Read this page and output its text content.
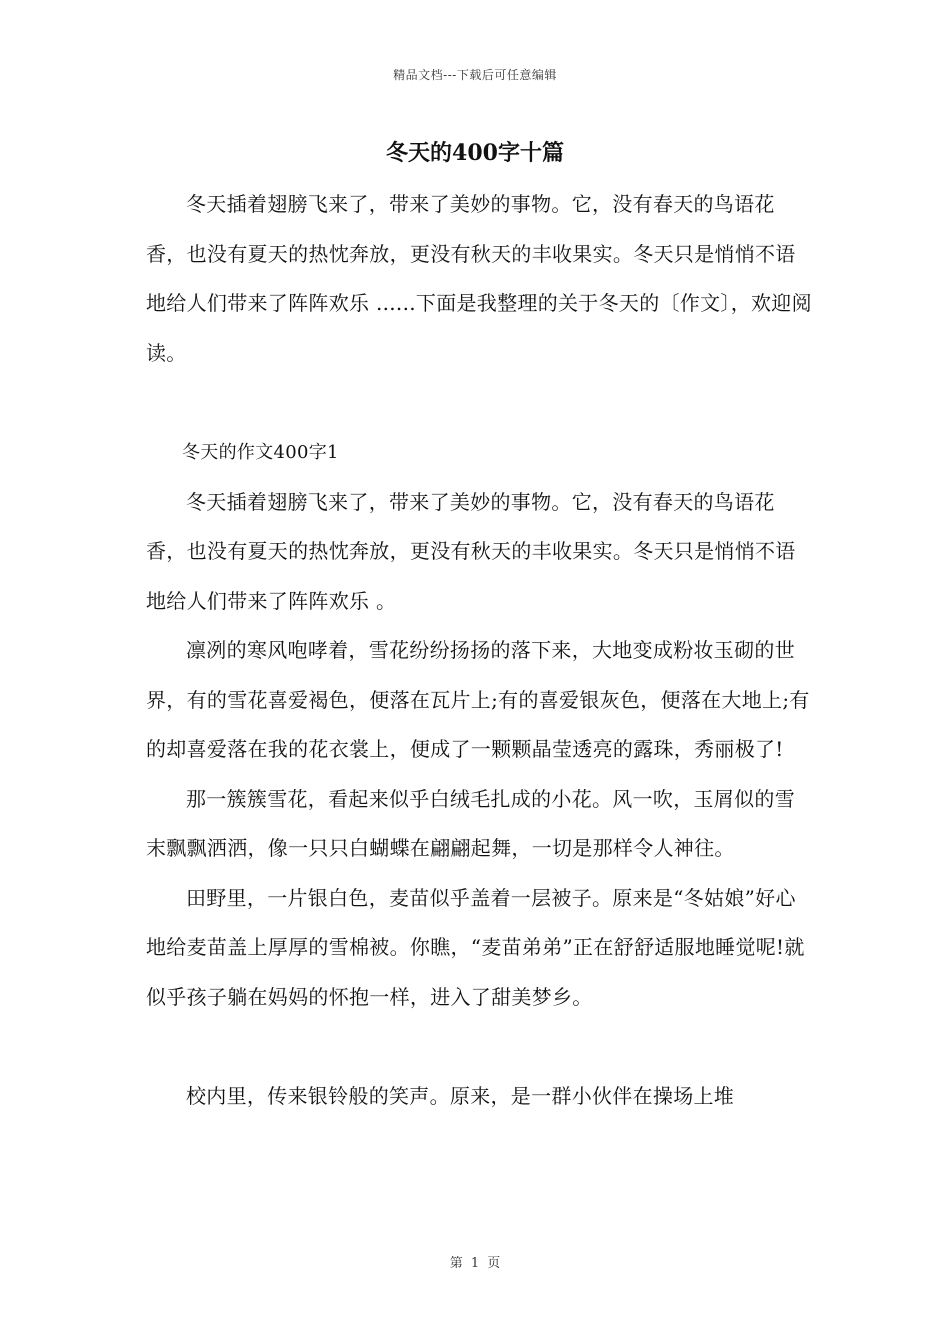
精品文档---下载后可任意编辑
冬天的400字十篇

冬天插着翅膀飞来了，带来了美妙的事物。它，没有春天的鸟语花香，也没有夏天的热忱奔放，更没有秋天的丰收果实。冬天只是悄悄不语地给人们带来了阵阵欢乐 ......下面是我整理的关于冬天的〔作文〕，欢迎阅读。

冬天的作文400字1

冬天插着翅膀飞来了，带来了美妙的事物。它，没有春天的鸟语花香，也没有夏天的热忱奔放，更没有秋天的丰收果实。冬天只是悄悄不语地给人们带来了阵阵欢乐 。

凛冽的寒风咆哮着，雪花纷纷扬扬的落下来，大地变成粉妆玉砌的世界，有的雪花喜爱褐色，便落在瓦片上;有的喜爱银灰色，便落在大地上;有的却喜爱落在我的花衣裳上，便成了一颗颗晶莹透亮的露珠，秀丽极了!

那一簇簇雪花，看起来似乎白绒毛扎成的小花。风一吹，玉屑似的雪末飘飘洒洒，像一只只白蝴蝶在翩翩起舞，一切是那样令人神往。

田野里，一片银白色，麦苗似乎盖着一层被子。原来是“冬姑娘”好心地给麦苗盖上厚厚的雪棉被。你瞧，“麦苗弟弟”正在舒舒适服地睡觉呢!就似乎孩子躺在妈妈的怀抱一样，进入了甜美梦乡。

校内里，传来银铃般的笑声。原来，是一群小伙伴在操场上堆

第 1 页
